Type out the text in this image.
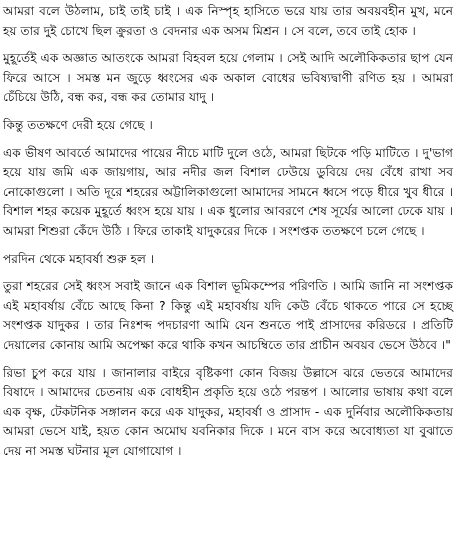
আমরা বলে উঠলাম, চাই তাই চাই । এক নিস্পৃহ হাসিতে ভরে যায় তার অবয়বহীন মুখ, মনে হয় তার দুই চোখে ছিল ক্রুরতা ও বেদনার এক অসম মিশ্রন । সে বলে, তবে তাই হোক ।

মুহূর্তেই এক অজ্ঞাত আতংকে আমরা বিহবল হয়ে গেলাম । সেই আদি অলৌকিকতার ছাপ যেন ফিরে আসে । সমস্ত মন জুড়ে ধ্বংসের এক অকাল বোধের ভবিষ্যদ্বাণী রণিত হয় । আমরা চেঁচিয়ে উঠি, বন্ধ কর, বন্ধ কর তোমার যাদু ।

কিন্তু ততক্ষণে দেরী হয়ে গেছে ।

এক ভীষণ আবর্তে আমাদের পায়ের নীচে মাটি দুলে ওঠে, আমরা ছিটকে পড়ি মাটিতে । দু'ভাগ হয়ে যায় জমি এক জায়গায়, আর নদীর জল বিশাল ঢেউয়ে ডুবিয়ে দেয় বেঁধে রাখা সব নোকোগুলো । অতি দূরে শহরের অট্টালিকাগুলো আমাদের সামনে ধ্বসে পড়ে ধীরে খুব ধীরে । বিশাল শহর কয়েক মুহূর্তে ধ্বংস হয়ে যায় । এক ধুলোর আবরণে শেষ সূর্যের আলো ঢেকে যায় । আমরা শিশুরা কেঁদে উঠি । ফিরে তাকাই যাদুকরের দিকে । সংশপ্তক ততক্ষণে চলে গেছে ।

পরদিন থেকে মহাবর্ষা শুরু হল ।

তুরা শহরের সেই ধ্বংস সবাই জানে এক বিশাল ভূমিকম্পের পরিণতি । আমি জানি না সংশপ্তক এই মহাবর্ষায় বেঁচে আছে কিনা ? কিন্তু এই মহাবর্ষায় যদি কেউ বেঁচে থাকতে পারে সে হচ্ছে সংশপ্তক যাদুকর । তার নিঃশব্দ পদচারণা আমি যেন শুনতে পাই প্রাসাদের করিডরে । প্রতিটি দেয়ালের কোনায় আমি অপেক্ষা করে থাকি কখন আচম্বিতে তার প্রাচীন অবয়ব ভেসে উঠবে ।"

রিভা চুপ করে যায় । জানালার বাইরে বৃষ্টিকণা কোন বিজয় উল্লাসে ঝরে ভেতরে আমাদের বিষাদে । আমাদের চেতনায় এক বোধহীন প্রকৃতি হয়ে ওঠে পরন্তপ । আলোর ভাষায় কথা বলে এক বৃক্ষ, টেকটনিক সঙ্গালন করে এক যাদুকর, মহাবর্ষা ও প্রাসাদ - এক দুর্নিবার অলৌকিকতায় আমরা ভেসে যাই, হয়ত কোন অমোঘ যবনিকার দিকে । মনে বাস করে অবোধ্যতা যা বুঝাতে দেয় না সমস্ত ঘটনার মূল যোগাযোগ ।
